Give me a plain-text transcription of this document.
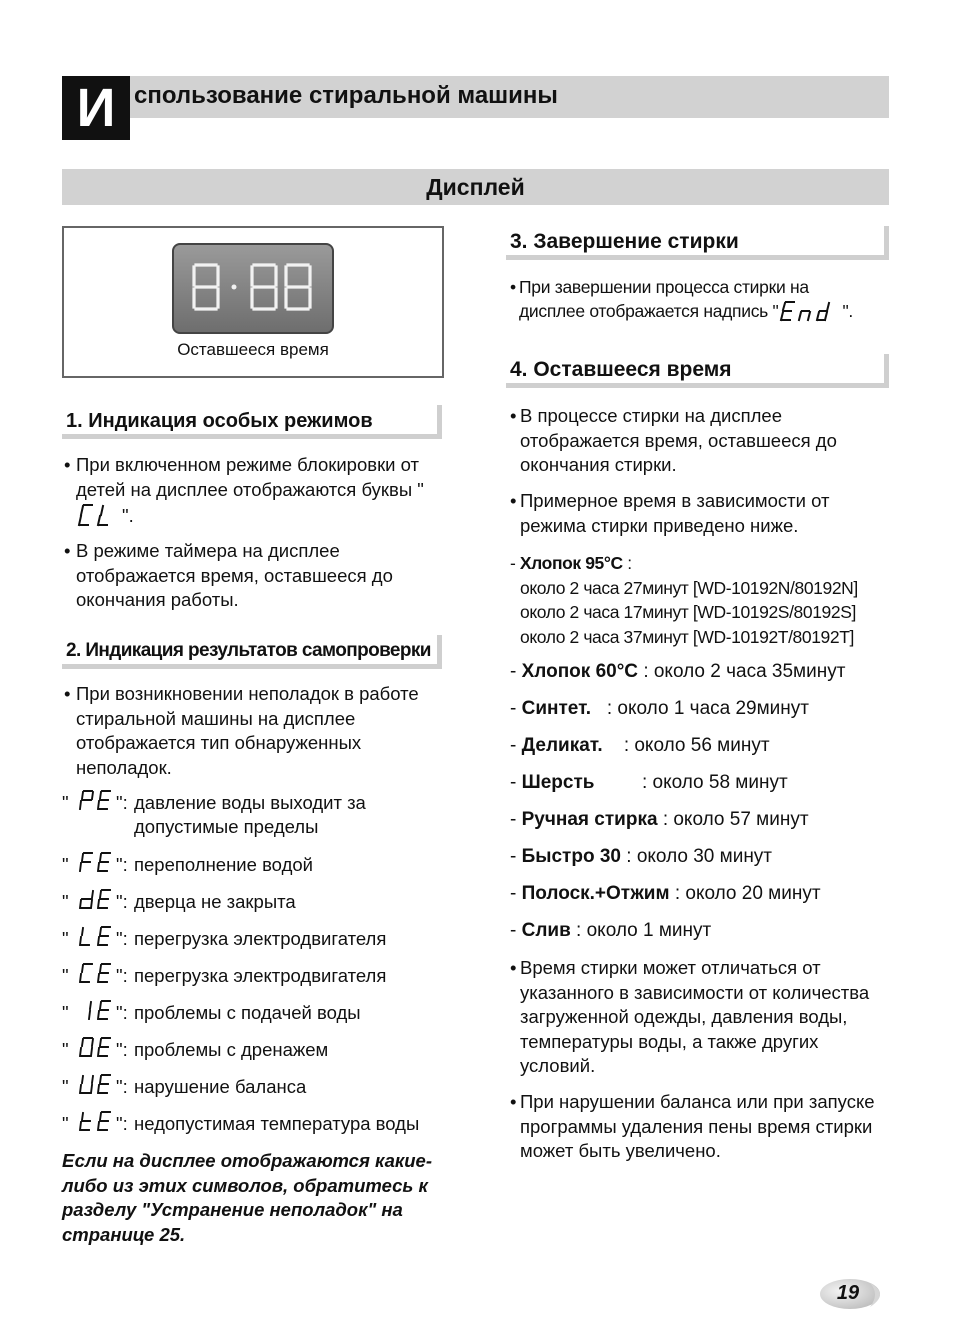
И спользование стиральной машины
Дисплей
Оставшееся время
1. Индикация особых режимов
• При включенном режиме блокировки от детей на дисплее отображаются буквы "".
• В режиме таймера на дисплее отображается время, оставшееся до окончания работы.
2. Индикация результатов самопроверки
• При возникновении неполадок в работе стиральной машины на дисплее отображается тип обнаруженных неполадок.
"	": давление воды выходит за
допустимые пределы
"	": переполнение водой
"	": дверца не закрыта
"	": перегрузка электродвигателя
"	": перегрузка электродвигателя
"	": проблемы с подачей воды
"	": проблемы с дренажем
"	": нарушение баланса
"	": недопустимая температура воды
Если на дисплее отображаются какие-либо из этих символов, обратитесь к разделу "Устранение неполадок" на странице 25.
3. Завершение стирки
• При завершении процесса стирки на
дисплее отображается надпись "	".
4. Оставшееся время
• В процессе стирки на дисплее отображается время, оставшееся до окончания стирки.
• Примерное время в зависимости от режима стирки приведено ниже.
- Хлопок 95°C :
около 2 часа 27минут [WD-10192N/80192N]
около 2 часа 17минут [WD-10192S/80192S]
около 2 часа 37минут [WD-10192T/80192T]
- Хлопок 60°C : около 2 часа 35минут
- Синтет. : около 1 часа 29минут
- Деликат. : около 56 минут
- Шерсть	: около 58 минут
- Ручная стирка : около 57 минут
- Быстро 30 : около 30 минут
- Полоск.+Отжим : около 20 минут
- Слив : около 1 минут
• Время стирки может отличаться от указанного в зависимости от количества загруженной одежды, давления воды, температуры воды, а также других условий.
• При нарушении баланса или при запуске программы удаления пены время стирки может быть увеличено.
19
